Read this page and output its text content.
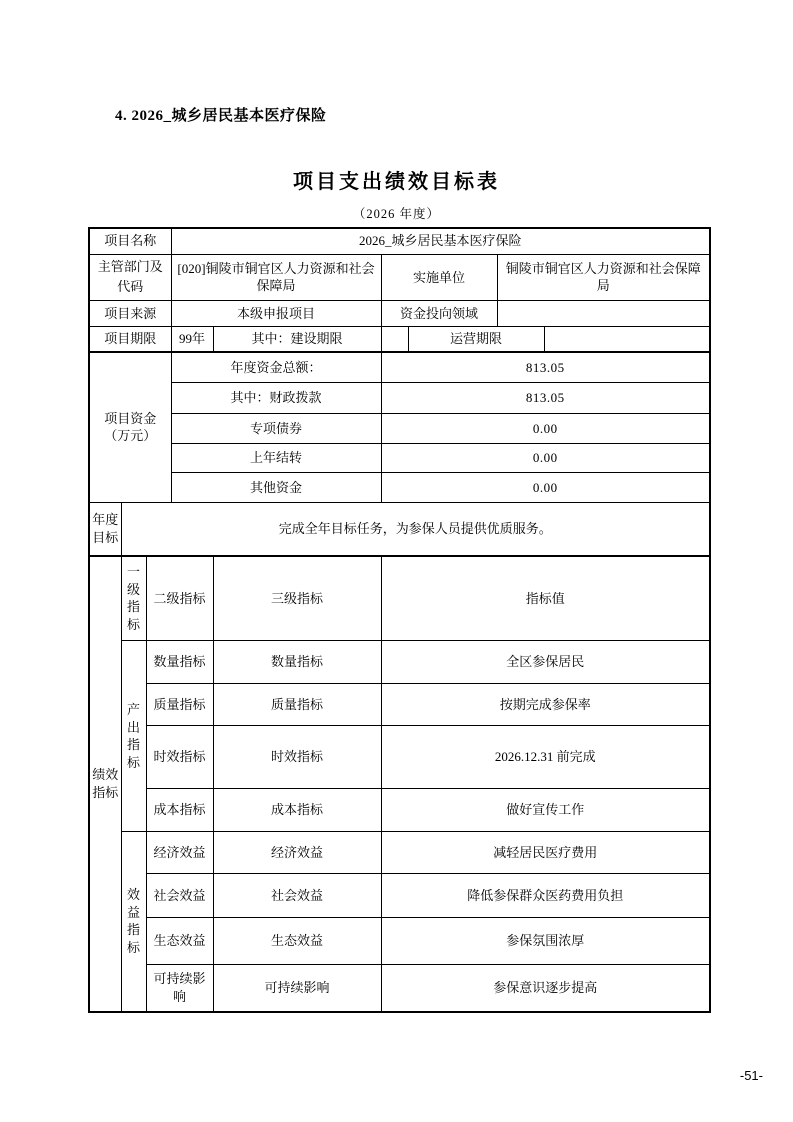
4. 2026_城乡居民基本医疗保险
项目支出绩效目标表
（2026 年度）
项目名称			2026_城乡居民基本医疗保险					
主管部门及代码			[020]铜陵市铜官区人力资源和社会保障局		实施单位		铜陵市铜官区人力资源和社会保障局	
项目来源			本级申报项目		资金投向领域			
项目期限			99年	其中：建设期限		运营期限		

项目资金
（万元）			年度资金总额：		813.05			
			其中：财政拨款		813.05			
			专项债券		0.00			
			上年结转		0.00			
			其他资金		0.00			
年度目标	完成全年目标任务，为参保人员提供优质服务。							
绩效指标	一级指标	二级指标		三级指标	指标值			
	产出指标	数量指标		数量指标	全区参保居民			
		质量指标		质量指标	按期完成参保率			
		时效指标		时效指标	2026.12.31 前完成			
		成本指标		成本指标	做好宣传工作			
	效益指标	经济效益		经济效益	减轻居民医疗费用			
		社会效益		社会效益	降低参保群众医药费用负担			
		生态效益		生态效益	参保氛围浓厚			
		可持续影响		可持续影响	参保意识逐步提高			
-51-
